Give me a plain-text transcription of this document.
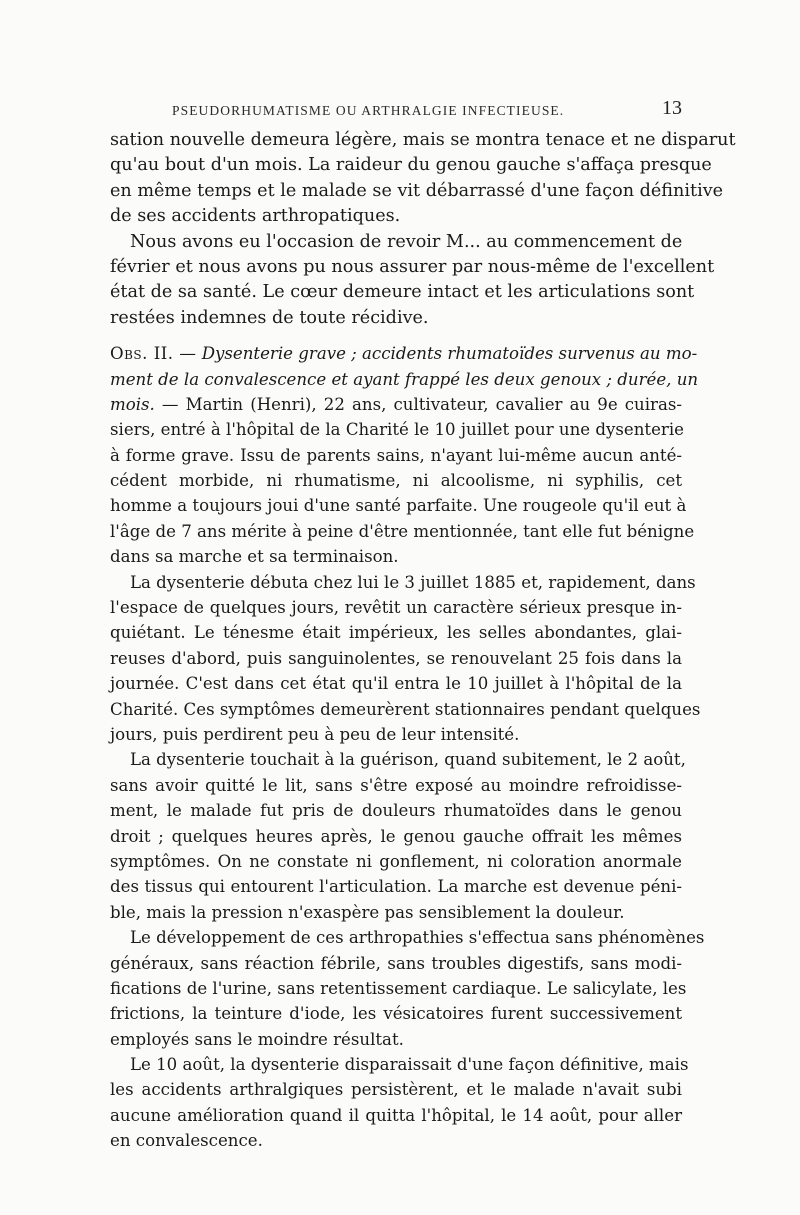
PSEUDORHUMATISME OU ARTHRALGIE INFECTIEUSE.	13
sation nouvelle demeura légère, mais se montra tenace et ne disparut
qu'au bout d'un mois. La raideur du genou gauche s'affaça presque
en même temps et le malade se vit débarrassé d'une façon définitive
de ses accidents arthropatiques.
Nous avons eu l'occasion de revoir M... au commencement de
février et nous avons pu nous assurer par nous-même de l'excellent
état de sa santé. Le cœur demeure intact et les articulations sont
restées indemnes de toute récidive.
Obs. II. — Dysenterie grave ; accidents rhumatoïdes survenus au mo-
ment de la convalescence et ayant frappé les deux genoux ; durée, un
mois. — Martin (Henri), 22 ans, cultivateur, cavalier au 9e cuiras-
siers, entré à l'hôpital de la Charité le 10 juillet pour une dysenterie
à forme grave. Issu de parents sains, n'ayant lui-même aucun anté-
cédent morbide, ni rhumatisme, ni alcoolisme, ni syphilis, cet
homme a toujours joui d'une santé parfaite. Une rougeole qu'il eut à
l'âge de 7 ans mérite à peine d'être mentionnée, tant elle fut bénigne
dans sa marche et sa terminaison.
La dysenterie débuta chez lui le 3 juillet 1885 et, rapidement, dans
l'espace de quelques jours, revêtit un caractère sérieux presque in-
quiétant. Le ténesme était impérieux, les selles abondantes, glai-
reuses d'abord, puis sanguinolentes, se renouvelant 25 fois dans la
journée. C'est dans cet état qu'il entra le 10 juillet à l'hôpital de la
Charité. Ces symptômes demeurèrent stationnaires pendant quelques
jours, puis perdirent peu à peu de leur intensité.
La dysenterie touchait à la guérison, quand subitement, le 2 août,
sans avoir quitté le lit, sans s'être exposé au moindre refroidisse-
ment, le malade fut pris de douleurs rhumatoïdes dans le genou
droit ; quelques heures après, le genou gauche offrait les mêmes
symptômes. On ne constate ni gonflement, ni coloration anormale
des tissus qui entourent l'articulation. La marche est devenue péni-
ble, mais la pression n'exaspère pas sensiblement la douleur.
Le développement de ces arthropathies s'effectua sans phénomènes
généraux, sans réaction fébrile, sans troubles digestifs, sans modi-
fications de l'urine, sans retentissement cardiaque. Le salicylate, les
frictions, la teinture d'iode, les vésicatoires furent successivement
employés sans le moindre résultat.
Le 10 août, la dysenterie disparaissait d'une façon définitive, mais
les accidents arthralgiques persistèrent, et le malade n'avait subi
aucune amélioration quand il quitta l'hôpital, le 14 août, pour aller
en convalescence.
